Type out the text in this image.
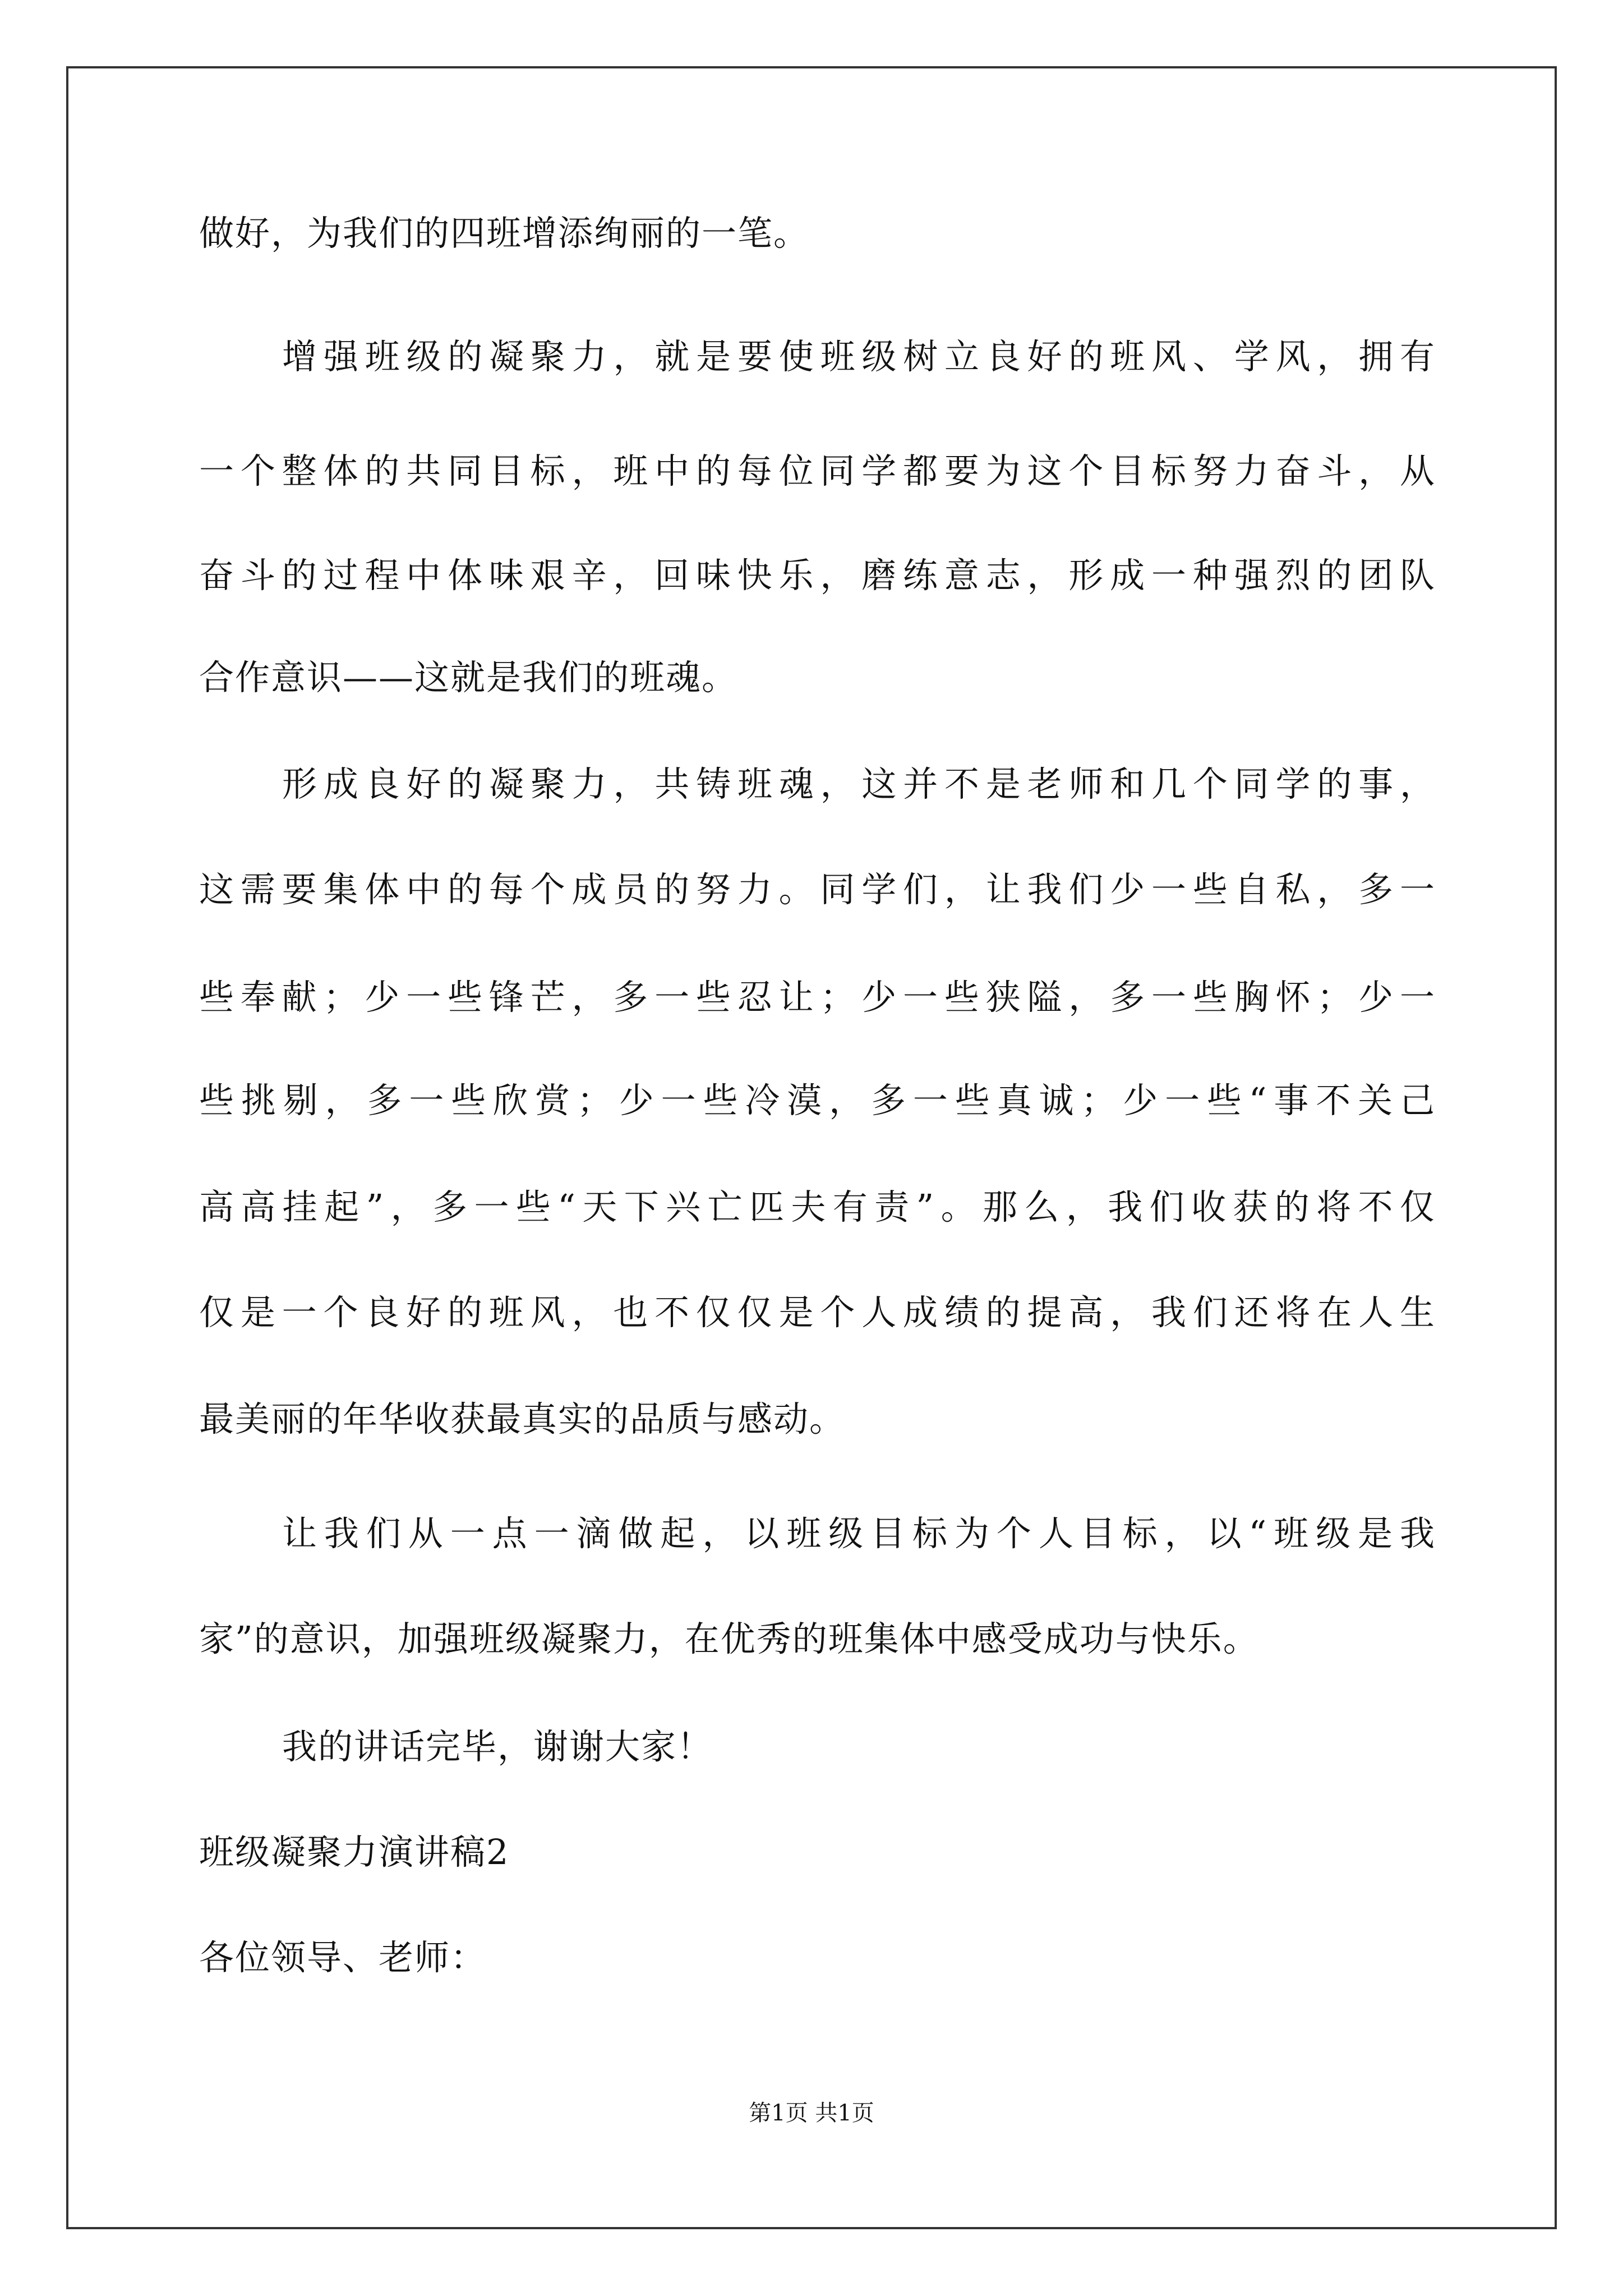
做好，为我们的四班增添绚丽的一笔。
增强班级的凝聚力，就是要使班级树立良好的班风、学风，拥有
一个整体的共同目标，班中的每位同学都要为这个目标努力奋斗，从
奋斗的过程中体味艰辛，回味快乐，磨练意志，形成一种强烈的团队
合作意识——这就是我们的班魂。
形成良好的凝聚力，共铸班魂，这并不是老师和几个同学的事，
这需要集体中的每个成员的努力。同学们，让我们少一些自私，多一
些奉献；少一些锋芒，多一些忍让；少一些狭隘，多一些胸怀；少一
些挑剔，多一些欣赏；少一些冷漠，多一些真诚；少一些“事不关己
高高挂起”，多一些“天下兴亡匹夫有责”。那么，我们收获的将不仅
仅是一个良好的班风，也不仅仅是个人成绩的提高，我们还将在人生
最美丽的年华收获最真实的品质与感动。
让我们从一点一滴做起，以班级目标为个人目标，以“班级是我
家”的意识，加强班级凝聚力，在优秀的班集体中感受成功与快乐。
我的讲话完毕，谢谢大家！
班级凝聚力演讲稿2
各位领导、老师：
第1页 共1页
